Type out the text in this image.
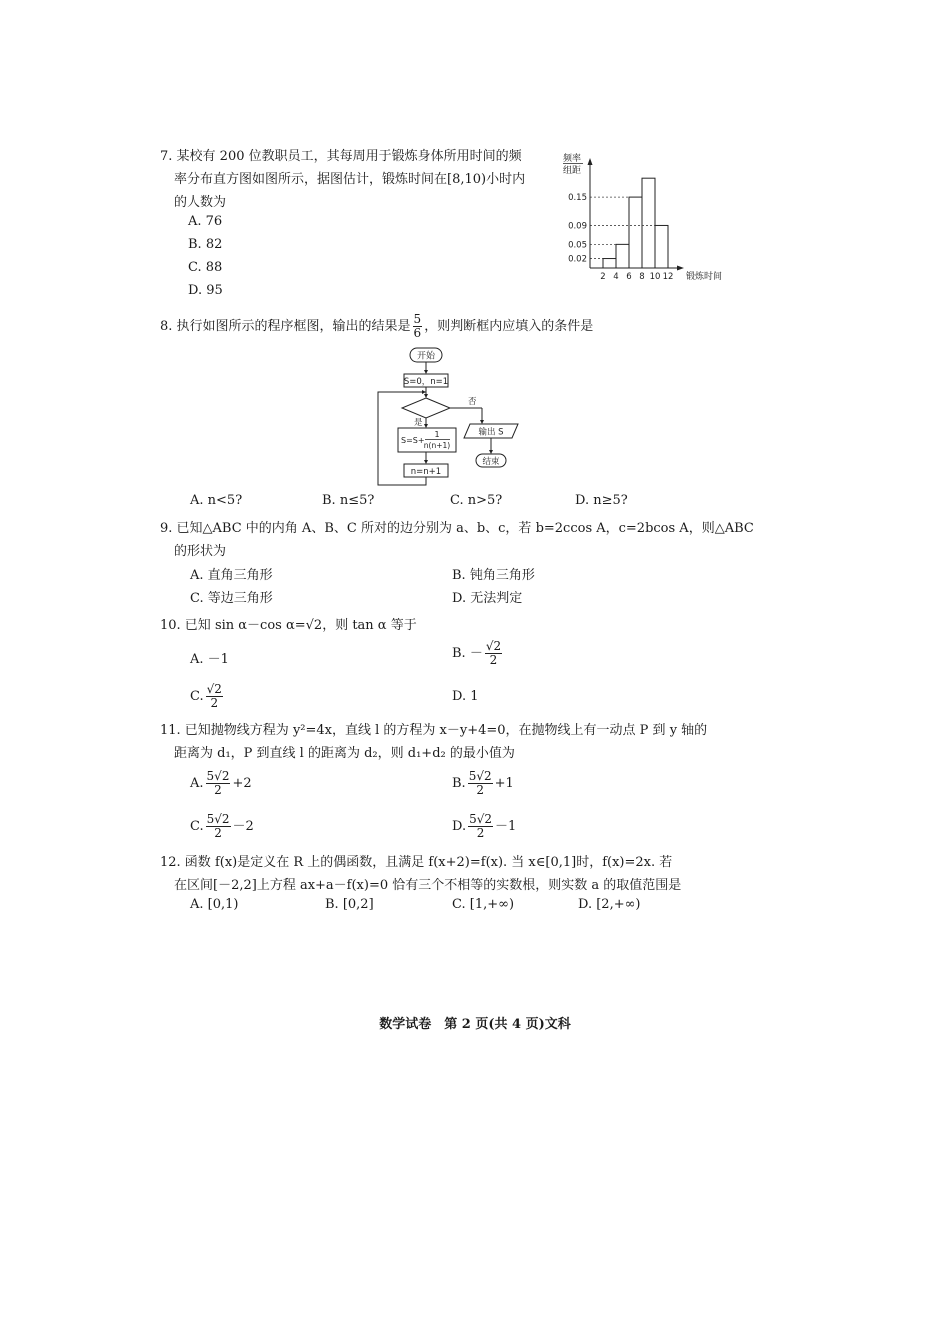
7. 某校有 200 位教职员工，其每周用于锻炼身体所用时间的频
率分布直方图如图所示，据图估计，锻炼时间在[8,10)小时内
的人数为
A. 76
B. 82
C. 88
D. 95
频率
组距
0.15
0.09
0.05
0.02
2 4 6 8 10 12 锻炼时间
8. 执行如图所示的程序框图，输出的结果是 $\frac{5}{6}$ ，则判断框内应填入的条件是
开始
S=0，n=1
否
输出 S
结束
是
S=S+
1
n(n+1)
n=n+1
A. n<5?	B. n≤5?	C. n>5?	D. n≥5?
9. 已知△ABC 中的内角 A、B、C 所对的边分别为 a、b、c，若 b=2ccos A，c=2bcos A，则△ABC
的形状为
A. 直角三角形	B. 钝角三角形
C. 等边三角形	D. 无法判定
10. 已知 sin α－cos α=√2，则 tan α 等于
A. －1	B. － $\frac{√2}{2}$
C. $\frac{√2}{2}$	D. 1
11. 已知抛物线方程为 y²=4x，直线 l 的方程为 x－y+4=0，在抛物线上有一动点 P 到 y 轴的
距离为 d₁，P 到直线 l 的距离为 d₂，则 d₁+d₂ 的最小值为
A. $\frac{5√2}{2} +2$	B. $\frac{5√2}{2} +1$
C. $\frac{5√2}{2} -2$	D. $\frac{5√2}{2} -1$
12. 函数 f(x)是定义在 R 上的偶函数，且满足 f(x+2)=f(x). 当 x∈[0,1]时，f(x)=2x. 若
在区间[－2,2]上方程 ax+a－f(x)=0 恰有三个不相等的实数根，则实数 a 的取值范围是
A. [0,1)	B. [0,2]	C. [1,+∞)	D. [2,+∞)
数学试卷　第 2 页(共 4 页)文科
